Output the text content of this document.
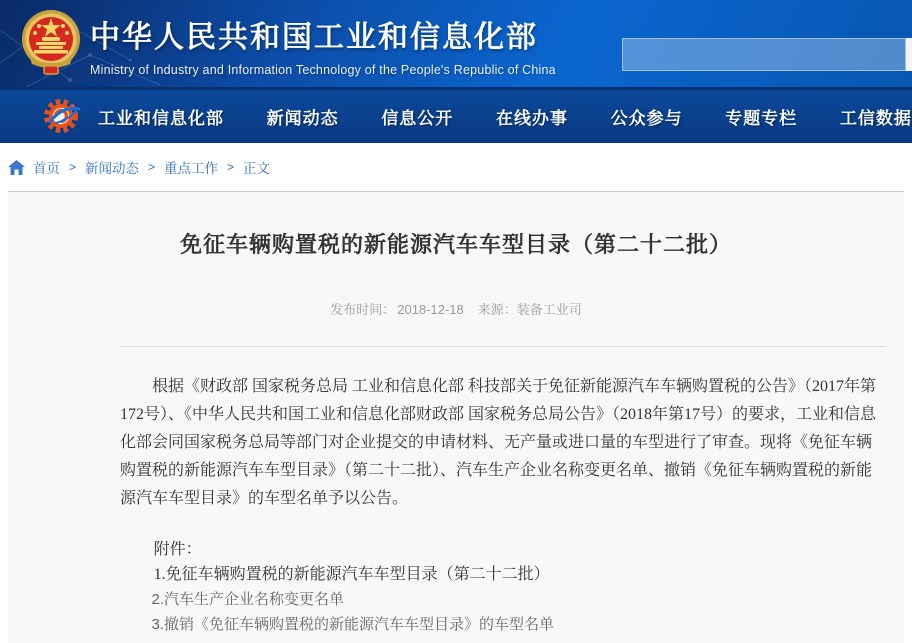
中华人民共和国工业和信息化部
Ministry of Industry and Information Technology of the People's Republic of China
工业和信息化部	新闻动态	信息公开	在线办事	公众参与	专题专栏	工信数据
首页 > 新闻动态 > 重点工作 > 正文
免征车辆购置税的新能源汽车车型目录（第二十二批）
发布时间： 2018-12-18 来源：装备工业司

根据《财政部 国家税务总局 工业和信息化部 科技部关于免征新能源汽车车辆购置税的公告》（2017年第172号）、《中华人民共和国工业和信息化部财政部 国家税务总局公告》（2018年第17号）的要求，工业和信息化部会同国家税务总局等部门对企业提交的申请材料、无产量或进口量的车型进行了审查。现将《免征车辆购置税的新能源汽车车型目录》（第二十二批）、汽车生产企业名称变更名单、撤销《免征车辆购置税的新能源汽车车型目录》的车型名单予以公告。

附件：
1.免征车辆购置税的新能源汽车车型目录（第二十二批）
2.汽车生产企业名称变更名单
3.撤销《免征车辆购置税的新能源汽车车型目录》的车型名单
